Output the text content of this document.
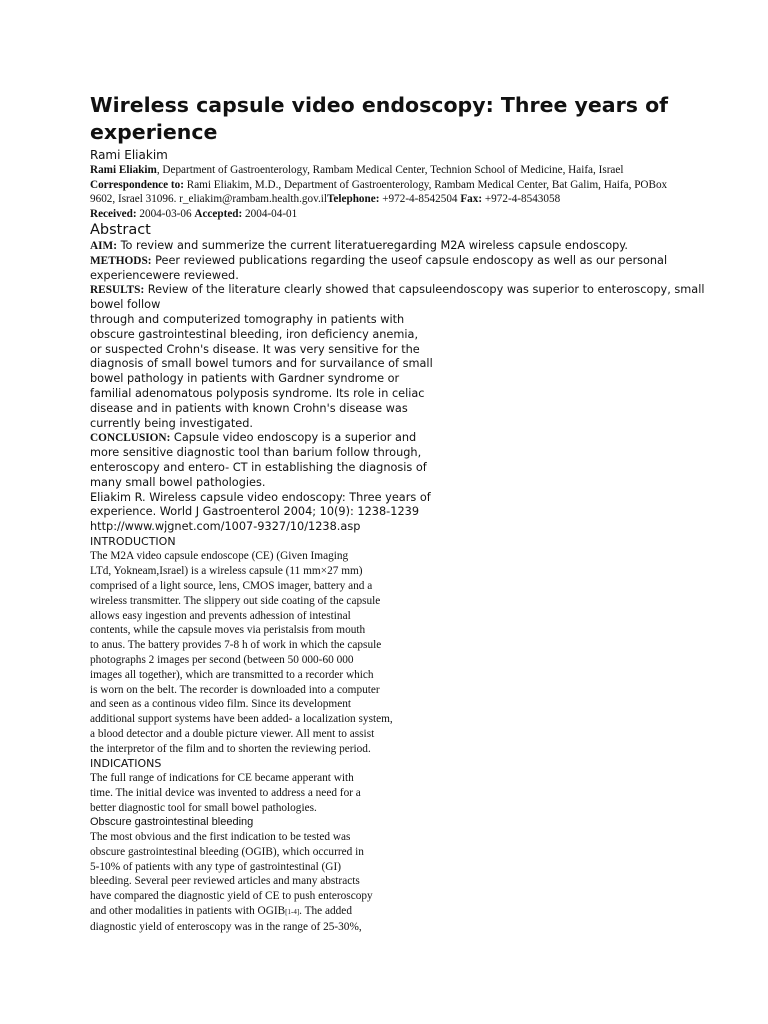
Wireless capsule video endoscopy: Three years of
experience
Rami Eliakim
Rami Eliakim, Department of Gastroenterology, Rambam Medical Center, Technion School of Medicine, Haifa, Israel
Correspondence to: Rami Eliakim, M.D., Department of Gastroenterology, Rambam Medical Center, Bat Galim, Haifa, POBox
9602, Israel 31096. r_eliakim@rambam.health.gov.ilTelephone: +972-4-8542504 Fax: +972-4-8543058
Received: 2004-03-06 Accepted: 2004-04-01
Abstract
AIM: To review and summerize the current literatueregarding M2A wireless capsule endoscopy.
METHODS: Peer reviewed publications regarding the useof capsule endoscopy as well as our personal
experiencewere reviewed.
RESULTS: Review of the literature clearly showed that capsuleendoscopy was superior to enteroscopy, small
bowel follow
through and computerized tomography in patients with
obscure gastrointestinal bleeding, iron deficiency anemia,
or suspected Crohn's disease. It was very sensitive for the
diagnosis of small bowel tumors and for survailance of small
bowel pathology in patients with Gardner syndrome or
familial adenomatous polyposis syndrome. Its role in celiac
disease and in patients with known Crohn's disease was
currently being investigated.
CONCLUSION: Capsule video endoscopy is a superior and
more sensitive diagnostic tool than barium follow through,
enteroscopy and entero- CT in establishing the diagnosis of
many small bowel pathologies.
Eliakim R. Wireless capsule video endoscopy: Three years of
experience. World J Gastroenterol 2004; 10(9): 1238-1239
http://www.wjgnet.com/1007-9327/10/1238.asp
INTRODUCTION
The M2A video capsule endoscope (CE) (Given Imaging
LTd, Yokneam,Israel) is a wireless capsule (11 mm×27 mm)
comprised of a light source, lens, CMOS imager, battery and a
wireless transmitter. The slippery out side coating of the capsule
allows easy ingestion and prevents adhession of intestinal
contents, while the capsule moves via peristalsis from mouth
to anus. The battery provides 7-8 h of work in which the capsule
photographs 2 images per second (between 50 000-60 000
images all together), which are transmitted to a recorder which
is worn on the belt. The recorder is downloaded into a computer
and seen as a continous video film. Since its development
additional support systems have been added- a localization system,
a blood detector and a double picture viewer. All ment to assist
the interpretor of the film and to shorten the reviewing period.
INDICATIONS
The full range of indications for CE became apperant with
time. The initial device was invented to address a need for a
better diagnostic tool for small bowel pathologies.
Obscure gastrointestinal bleeding
The most obvious and the first indication to be tested was
obscure gastrointestinal bleeding (OGIB), which occurred in
5-10% of patients with any type of gastrointestinal (GI)
bleeding. Several peer reviewed articles and many abstracts
have compared the diagnostic yield of CE to push enteroscopy
and other modalities in patients with OGIB[1-4]. The added
diagnostic yield of enteroscopy was in the range of 25-30%,
